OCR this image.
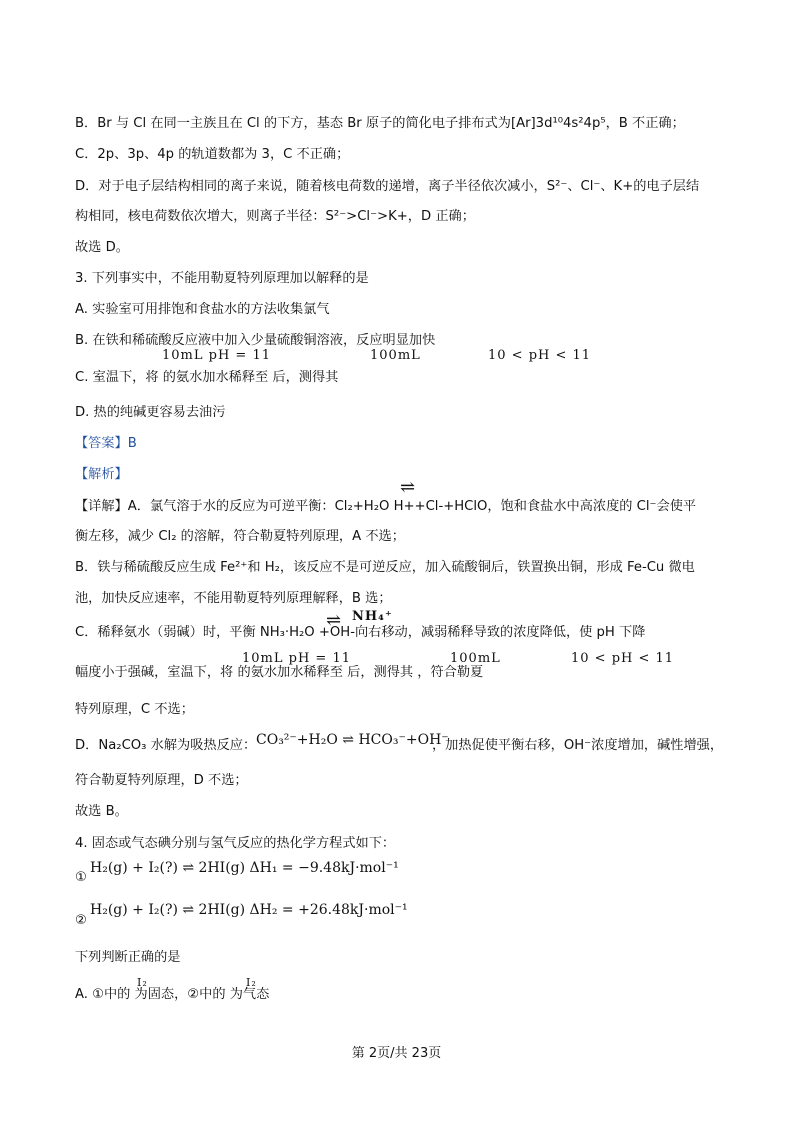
B．Br 与 Cl 在同一主族且在 Cl 的下方，基态 Br 原子的简化电子排布式为[Ar]3d¹⁰4s²4p⁵，B 不正确；
C．2p、3p、4p 的轨道数都为 3，C 不正确；
D．对于电子层结构相同的离子来说，随着核电荷数的递增，离子半径依次减小，S²⁻、Cl⁻、K+的电子层结
构相同，核电荷数依次增大，则离子半径：S²⁻>Cl⁻>K+，D 正确；
故选 D。
3. 下列事实中，不能用勒夏特列原理加以解释的是
A. 实验室可用排饱和食盐水的方法收集氯气
B. 在铁和稀硫酸反应液中加入少量硫酸铜溶液，反应明显加快
10mL pH = 11	100mL	10 < pH < 11
C. 室温下，将 的氨水加水稀释至 后，测得其
D. 热的纯碱更容易去油污
【答案】B
【解析】
⇌
【详解】A．氯气溶于水的反应为可逆平衡：Cl₂+H₂O H++Cl-+HClO，饱和食盐水中高浓度的 Cl⁻会使平
衡左移，减少 Cl₂ 的溶解，符合勒夏特列原理，A 不选；
B．铁与稀硫酸反应生成 Fe²⁺和 H₂，该反应不是可逆反应，加入硫酸铜后，铁置换出铜，形成 Fe-Cu 微电
池，加快反应速率，不能用勒夏特列原理解释，B 选；
⇌ NH₄⁺
C．稀释氨水（弱碱）时，平衡 NH₃·H₂O +OH-向右移动，减弱稀释导致的浓度降低，使 pH 下降
10mL pH = 11	100mL	10 < pH < 11
幅度小于强碱，室温下，将 的氨水加水稀释至 后，测得其 ，符合勒夏
特列原理，C 不选；
D．Na₂CO₃ 水解为吸热反应： CO₃²⁻+H₂O ⇌ HCO₃⁻+OH⁻
，加热促使平衡右移，OH⁻浓度增加，碱性增强，
符合勒夏特列原理，D 不选；
故选 B。
4. 固态或气态碘分别与氢气反应的热化学方程式如下：
①
H₂(g) + I₂(?) ⇌ 2HI(g) ΔH₁ = −9.48kJ·mol⁻¹
②
H₂(g) + I₂(?) ⇌ 2HI(g) ΔH₂ = +26.48kJ·mol⁻¹
下列判断正确的是
I₂	I₂
A. ①中的 为固态，②中的 为气态
第 2页/共 23页
